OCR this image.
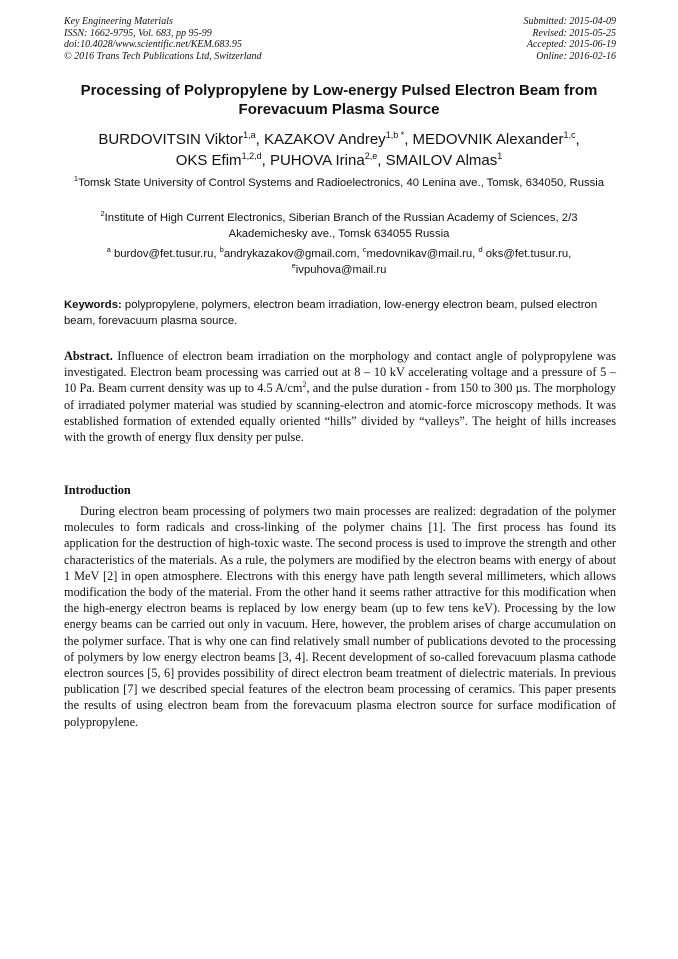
Key Engineering Materials
ISSN: 1662-9795, Vol. 683, pp 95-99
doi:10.4028/www.scientific.net/KEM.683.95
© 2016 Trans Tech Publications Ltd, Switzerland
Submitted: 2015-04-09
Revised: 2015-05-25
Accepted: 2015-06-19
Online: 2016-02-16
Processing of Polypropylene by Low-energy Pulsed Electron Beam from Forevacuum Plasma Source
BURDOVITSIN Viktor$^{1,a}$, KAZAKOV Andrey$^{1,b *}$, MEDOVNIK Alexander$^{1,c}$,
OKS Efim$^{1,2,d}$, PUHOVA Irina$^{2,e}$, SMAILOV Almas$^1$
$^1$Tomsk State University of Control Systems and Radioelectronics, 40 Lenina ave., Tomsk, 634050, Russia
$^2$Institute of High Current Electronics, Siberian Branch of the Russian Academy of Sciences, 2/3 Akademichesky ave., Tomsk 634055 Russia
$^a$ burdov@fet.tusur.ru, $^b$andrykazakov@gmail.com, $^c$medovnikav@mail.ru, $^d$ oks@fet.tusur.ru,
$^e$ivpuhova@mail.ru
Keywords: polypropylene, polymers, electron beam irradiation, low-energy electron beam, pulsed electron beam, forevacuum plasma source.
Abstract. Influence of electron beam irradiation on the morphology and contact angle of polypropylene was investigated. Electron beam processing was carried out at 8 – 10 kV accelerating voltage and a pressure of 5 – 10 Pa. Beam current density was up to 4.5 $A/cm^2$, and the pulse duration - from 150 to 300 µs. The morphology of irradiated polymer material was studied by scanning-electron and atomic-force microscopy methods. It was established formation of extended equally oriented “hills” divided by “valleys”. The height of hills increases with the growth of energy flux density per pulse.
Introduction

During electron beam processing of polymers two main processes are realized: degradation of the polymer molecules to form radicals and cross-linking of the polymer chains [1]. The first process has found its application for the destruction of high-toxic waste. The second process is used to improve the strength and other characteristics of the materials. As a rule, the polymers are modified by the electron beams with energy of about 1 MeV [2] in open atmosphere. Electrons with this energy have path length several millimeters, which allows modification the body of the material. From the other hand it seems rather attractive for this modification when the high-energy electron beams is replaced by low energy beam (up to few tens keV). Processing by the low energy beams can be carried out only in vacuum. Here, however, the problem arises of charge accumulation on the polymer surface. That is why one can find relatively small number of publications devoted to the processing of polymers by low energy electron beams [3, 4]. Recent development of so-called forevacuum plasma cathode electron sources [5, 6] provides possibility of direct electron beam treatment of dielectric materials. In previous publication [7] we described special features of the electron beam processing of ceramics. This paper presents the results of using electron beam from the forevacuum plasma electron source for surface modification of polypropylene.
